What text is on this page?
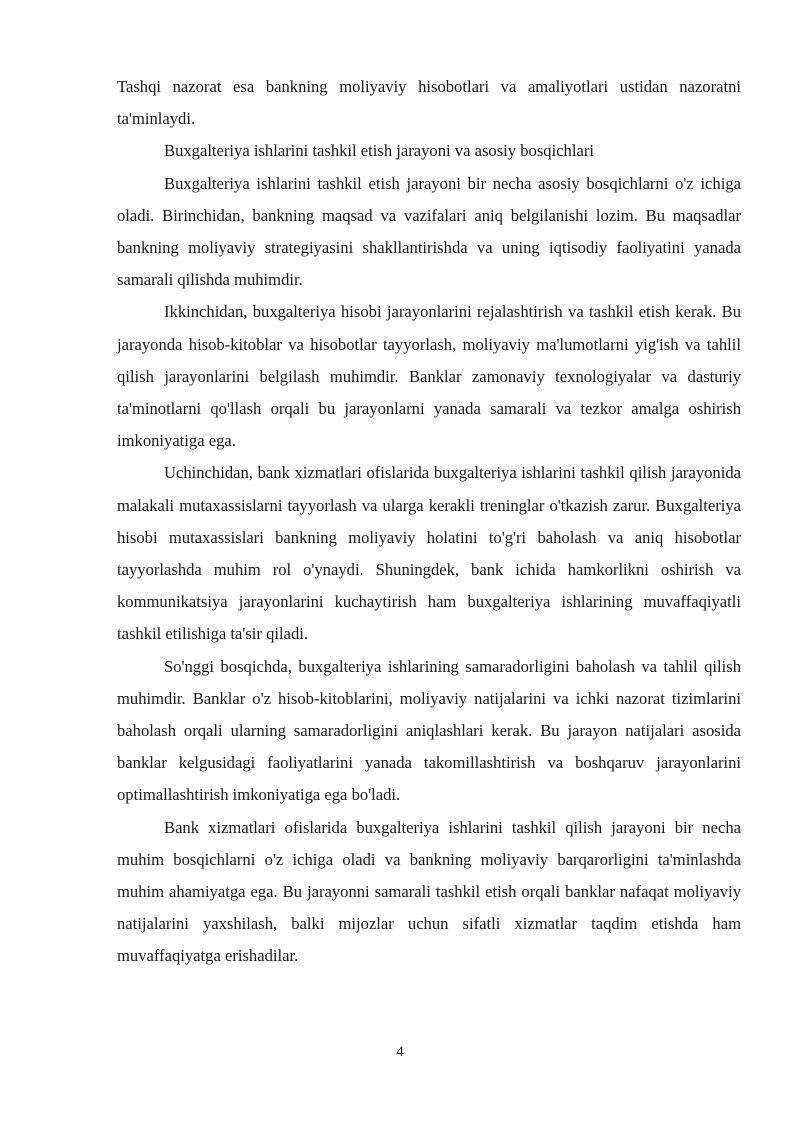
Tashqi nazorat esa bankning moliyaviy hisobotlari va amaliyotlari ustidan nazoratni ta'minlaydi.

Buxgalteriya ishlarini tashkil etish jarayoni va asosiy bosqichlari

Buxgalteriya ishlarini tashkil etish jarayoni bir necha asosiy bosqichlarni o'z ichiga oladi. Birinchidan, bankning maqsad va vazifalari aniq belgilanishi lozim. Bu maqsadlar bankning moliyaviy strategiyasini shakllantirishda va uning iqtisodiy faoliyatini yanada samarali qilishda muhimdir.

Ikkinchidan, buxgalteriya hisobi jarayonlarini rejalashtirish va tashkil etish kerak. Bu jarayonda hisob-kitoblar va hisobotlar tayyorlash, moliyaviy ma'lumotlarni yig'ish va tahlil qilish jarayonlarini belgilash muhimdir. Banklar zamonaviy texnologiyalar va dasturiy ta'minotlarni qo'llash orqali bu jarayonlarni yanada samarali va tezkor amalga oshirish imkoniyatiga ega.

Uchinchidan, bank xizmatlari ofislarida buxgalteriya ishlarini tashkil qilish jarayonida malakali mutaxassislarni tayyorlash va ularga kerakli treninglar o'tkazish zarur. Buxgalteriya hisobi mutaxassislari bankning moliyaviy holatini to'g'ri baholash va aniq hisobotlar tayyorlashda muhim rol o'ynaydi. Shuningdek, bank ichida hamkorlikni oshirish va kommunikatsiya jarayonlarini kuchaytirish ham buxgalteriya ishlarining muvaffaqiyatli tashkil etilishiga ta'sir qiladi.

So'nggi bosqichda, buxgalteriya ishlarining samaradorligini baholash va tahlil qilish muhimdir. Banklar o'z hisob-kitoblarini, moliyaviy natijalarini va ichki nazorat tizimlarini baholash orqali ularning samaradorligini aniqlashlari kerak. Bu jarayon natijalari asosida banklar kelgusidagi faoliyatlarini yanada takomillashtirish va boshqaruv jarayonlarini optimallashtirish imkoniyatiga ega bo'ladi.

Bank xizmatlari ofislarida buxgalteriya ishlarini tashkil qilish jarayoni bir necha muhim bosqichlarni o'z ichiga oladi va bankning moliyaviy barqarorligini ta'minlashda muhim ahamiyatga ega. Bu jarayonni samarali tashkil etish orqali banklar nafaqat moliyaviy natijalarini yaxshilash, balki mijozlar uchun sifatli xizmatlar taqdim etishda ham muvaffaqiyatga erishadilar.

4
